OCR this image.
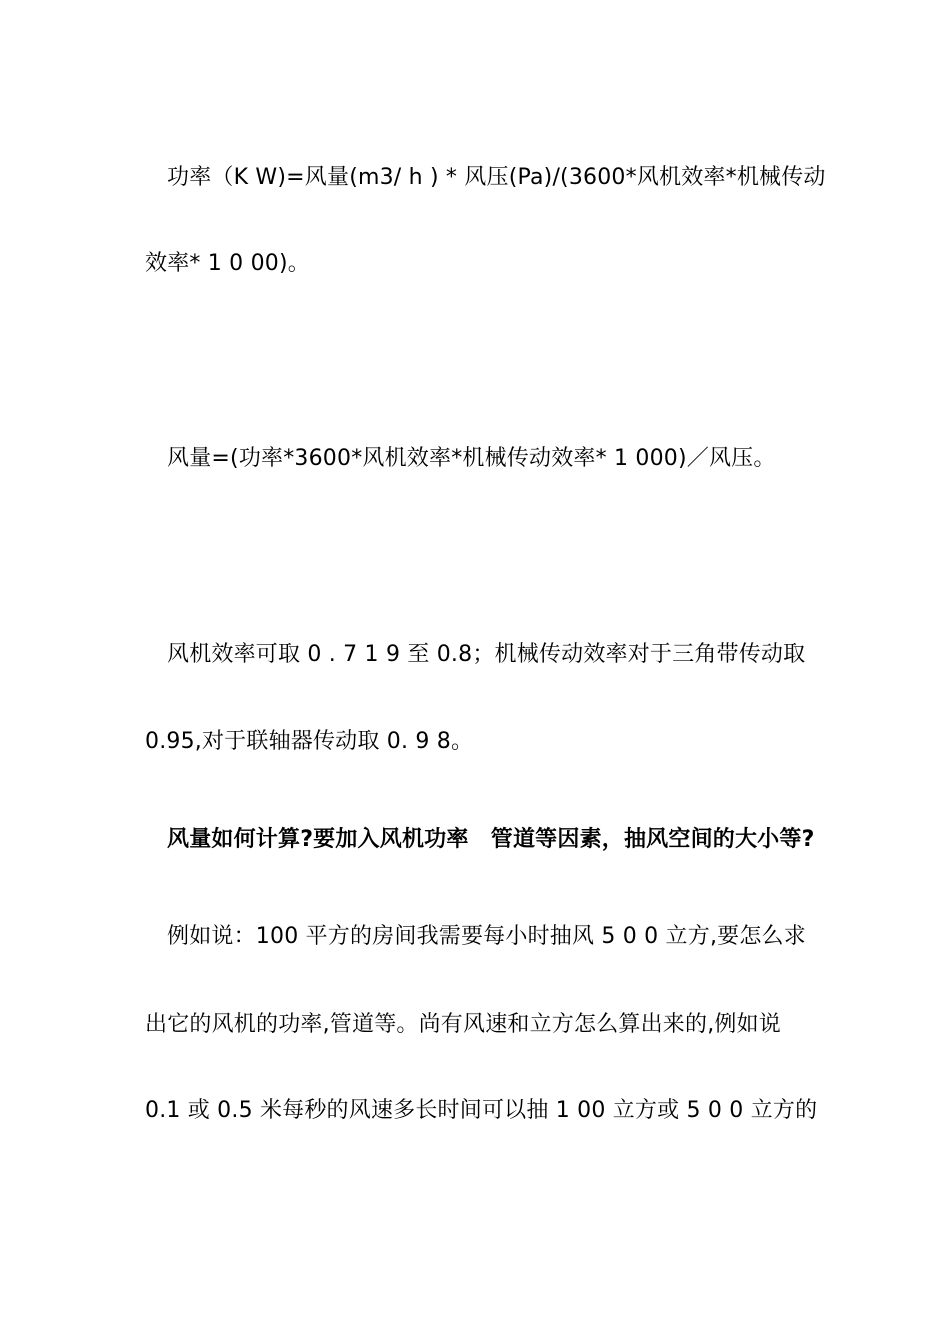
功率（K W)=风量(m3/ h ) * 风压(Pa)/(3600*风机效率*机械传动
效率* 1 0 00)。
风量=(功率*3600*风机效率*机械传动效率* 1 000)／风压。
风机效率可取 0 . 7 1 9 至 0.8；机械传动效率对于三角带传动取
0.95,对于联轴器传动取 0. 9 8。
风量如何计算?要加入风机功率　管道等因素，抽风空间的大小等?
例如说：100 平方的房间我需要每小时抽风 5 0 0 立方,要怎么求
出它的风机的功率,管道等。尚有风速和立方怎么算出来的,例如说
0.1 或 0.5 米每秒的风速多长时间可以抽 1 00 立方或 5 0 0 立方的
